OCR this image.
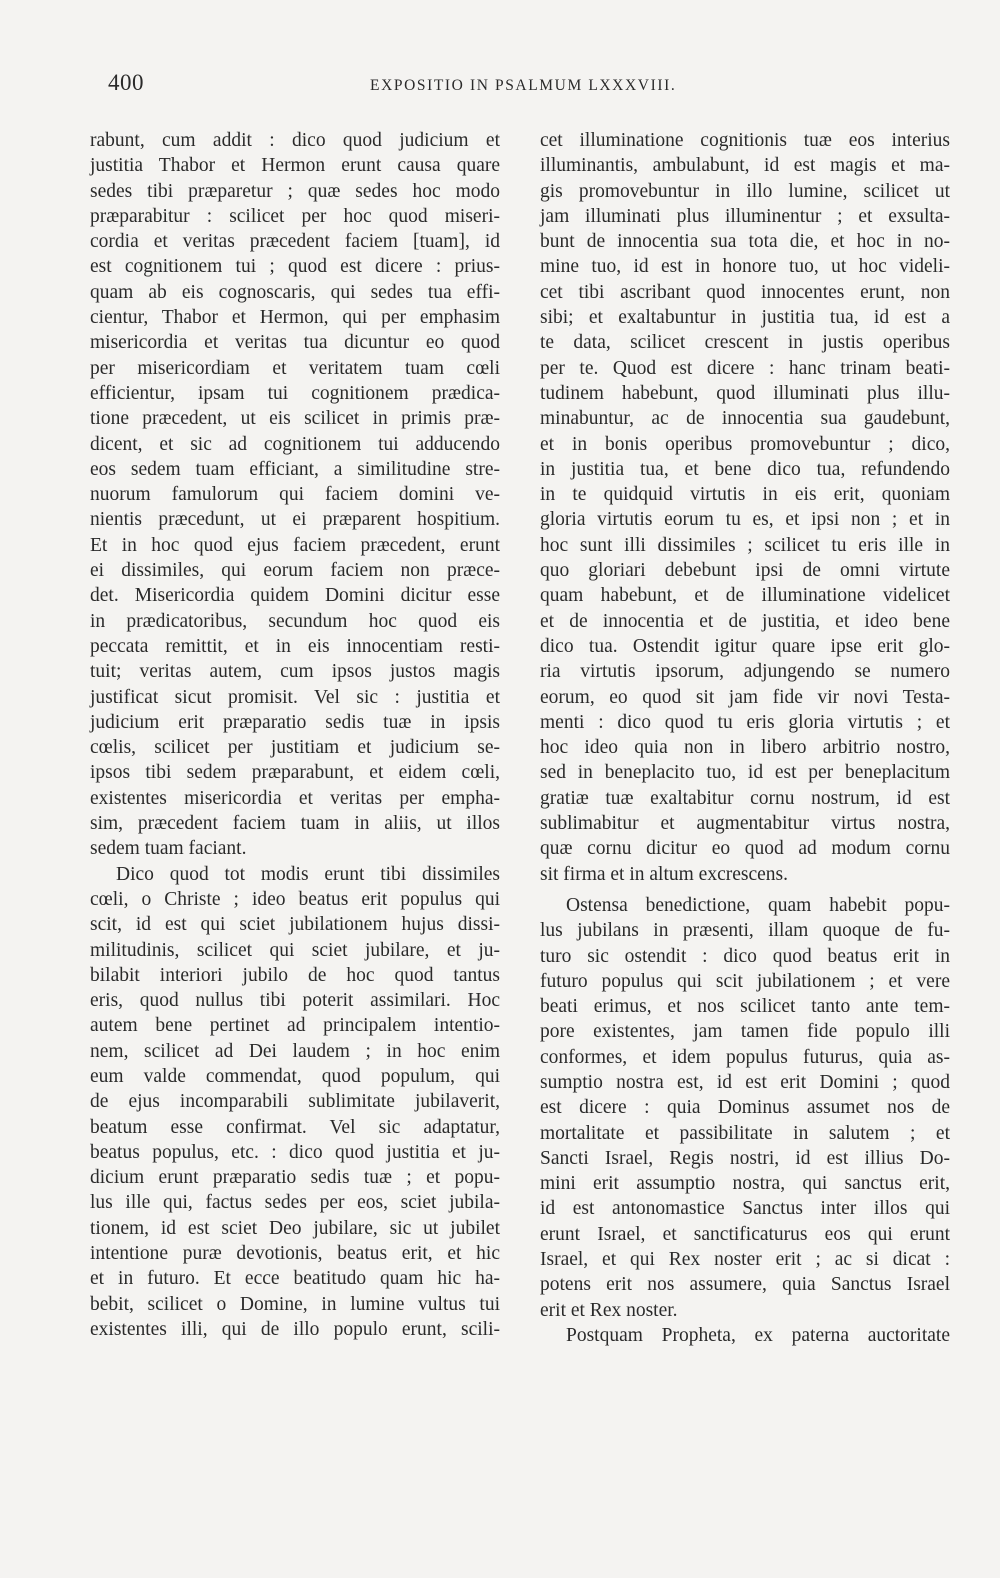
400	EXPOSITIO IN PSALMUM LXXXVIII.
rabunt, cum addit : dico quod judicium et
justitia Thabor et Hermon erunt causa quare
sedes tibi præparetur ; quæ sedes hoc modo
præparabitur : scilicet per hoc quod miseri-
cordia et veritas præcedent faciem [tuam], id
est cognitionem tui ; quod est dicere : prius-
quam ab eis cognoscaris, qui sedes tua effi-
cientur, Thabor et Hermon, qui per emphasim
misericordia et veritas tua dicuntur eo quod
per misericordiam et veritatem tuam cœli
efficientur, ipsam tui cognitionem prædica-
tione præcedent, ut eis scilicet in primis præ-
dicent, et sic ad cognitionem tui adducendo
eos sedem tuam efficiant, a similitudine stre-
nuorum famulorum qui faciem domini ve-
nientis præcedunt, ut ei præparent hospitium.
Et in hoc quod ejus faciem præcedent, erunt
ei dissimiles, qui eorum faciem non præce-
det. Misericordia quidem Domini dicitur esse
in prædicatoribus, secundum hoc quod eis
peccata remittit, et in eis innocentiam resti-
tuit; veritas autem, cum ipsos justos magis
justificat sicut promisit. Vel sic : justitia et
judicium erit præparatio sedis tuæ in ipsis
cœlis, scilicet per justitiam et judicium se-
ipsos tibi sedem præparabunt, et eidem cœli,
existentes misericordia et veritas per empha-
sim, præcedent faciem tuam in aliis, ut illos
sedem tuam faciant.
Dico quod tot modis erunt tibi dissimiles
cœli, o Christe ; ideo beatus erit populus qui
scit, id est qui sciet jubilationem hujus dissi-
militudinis, scilicet qui sciet jubilare, et ju-
bilabit interiori jubilo de hoc quod tantus
eris, quod nullus tibi poterit assimilari. Hoc
autem bene pertinet ad principalem intentio-
nem, scilicet ad Dei laudem ; in hoc enim
eum valde commendat, quod populum, qui
de ejus incomparabili sublimitate jubilaverit,
beatum esse confirmat. Vel sic adaptatur,
beatus populus, etc. : dico quod justitia et ju-
dicium erunt præparatio sedis tuæ ; et popu-
lus ille qui, factus sedes per eos, sciet jubila-
tionem, id est sciet Deo jubilare, sic ut jubilet
intentione puræ devotionis, beatus erit, et hic
et in futuro. Et ecce beatitudo quam hic ha-
bebit, scilicet o Domine, in lumine vultus tui
existentes illi, qui de illo populo erunt, scili-
cet illuminatione cognitionis tuæ eos interius
illuminantis, ambulabunt, id est magis et ma-
gis promovebuntur in illo lumine, scilicet ut
jam illuminati plus illuminentur ; et exsulta-
bunt de innocentia sua tota die, et hoc in no-
mine tuo, id est in honore tuo, ut hoc videli-
cet tibi ascribant quod innocentes erunt, non
sibi; et exaltabuntur in justitia tua, id est a
te data, scilicet crescent in justis operibus
per te. Quod est dicere : hanc trinam beati-
tudinem habebunt, quod illuminati plus illu-
minabuntur, ac de innocentia sua gaudebunt,
et in bonis operibus promovebuntur ; dico,
in justitia tua, et bene dico tua, refundendo
in te quidquid virtutis in eis erit, quoniam
gloria virtutis eorum tu es, et ipsi non ; et in
hoc sunt illi dissimiles ; scilicet tu eris ille in
quo gloriari debebunt ipsi de omni virtute
quam habebunt, et de illuminatione videlicet
et de innocentia et de justitia, et ideo bene
dico tua. Ostendit igitur quare ipse erit glo-
ria virtutis ipsorum, adjungendo se numero
eorum, eo quod sit jam fide vir novi Testa-
menti : dico quod tu eris gloria virtutis ; et
hoc ideo quia non in libero arbitrio nostro,
sed in beneplacito tuo, id est per beneplacitum
gratiæ tuæ exaltabitur cornu nostrum, id est
sublimabitur et augmentabitur virtus nostra,
quæ cornu dicitur eo quod ad modum cornu
sit firma et in altum excrescens.
Ostensa benedictione, quam habebit popu-
lus jubilans in præsenti, illam quoque de fu-
turo sic ostendit : dico quod beatus erit in
futuro populus qui scit jubilationem ; et vere
beati erimus, et nos scilicet tanto ante tem-
pore existentes, jam tamen fide populo illi
conformes, et idem populus futurus, quia as-
sumptio nostra est, id est erit Domini ; quod
est dicere : quia Dominus assumet nos de
mortalitate et passibilitate in salutem ; et
Sancti Israel, Regis nostri, id est illius Do-
mini erit assumptio nostra, qui sanctus erit,
id est antonomastice Sanctus inter illos qui
erunt Israel, et sanctificaturus eos qui erunt
Israel, et qui Rex noster erit ; ac si dicat :
potens erit nos assumere, quia Sanctus Israel
erit et Rex noster.
Postquam Propheta, ex paterna auctoritate
